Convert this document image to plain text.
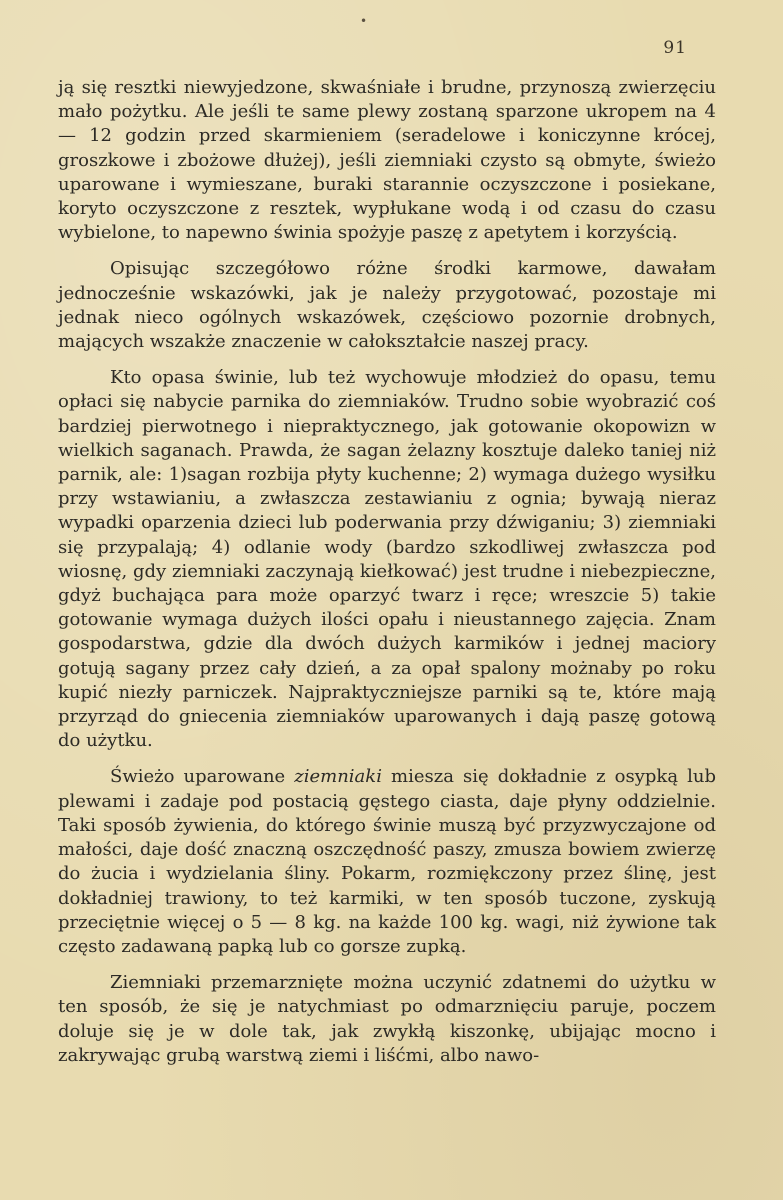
•
91

ją się resztki niewyjedzone, skwaśniałe i brudne, przynoszą zwierzęciu mało pożytku. Ale jeśli te same plewy zostaną sparzone ukropem na 4 — 12 godzin przed skarmieniem (seradelowe i koniczynne krócej, groszkowe i zbożowe dłużej), jeśli ziemniaki czysto są obmyte, świeżo uparowane i wymieszane, buraki starannie oczyszczone i posiekane, koryto oczyszczone z resztek, wypłukane wodą i od czasu do czasu wybielone, to napewno świnia spożyje paszę z apetytem i korzyścią.

Opisując szczegółowo różne środki karmowe, dawałam jednocześnie wskazówki, jak je należy przygotować, pozostaje mi jednak nieco ogólnych wskazówek, częściowo pozornie drobnych, mających wszakże znaczenie w całokształcie naszej pracy.

Kto opasa świnie, lub też wychowuje młodzież do opasu, temu opłaci się nabycie parnika do ziemniaków. Trudno sobie wyobrazić coś bardziej pierwotnego i niepraktycznego, jak gotowanie okopowizn w wielkich saganach. Prawda, że sagan żelazny kosztuje daleko taniej niż parnik, ale: 1)sagan rozbija płyty kuchenne; 2) wymaga dużego wysiłku przy wstawianiu, a zwłaszcza zestawianiu z ognia; bywają nieraz wypadki oparzenia dzieci lub poderwania przy dźwiganiu; 3) ziemniaki się przypalają; 4) odlanie wody (bardzo szkodliwej zwłaszcza pod wiosnę, gdy ziemniaki zaczynają kiełkować) jest trudne i niebezpieczne, gdyż buchająca para może oparzyć twarz i ręce; wreszcie 5) takie gotowanie wymaga dużych ilości opału i nieustannego zajęcia. Znam gospodarstwa, gdzie dla dwóch dużych karmików i jednej maciory gotują sagany przez cały dzień, a za opał spalony możnaby po roku kupić niezły parniczek. Najpraktyczniejsze parniki są te, które mają przyrząd do gniecenia ziemniaków uparowanych i dają paszę gotową do użytku.

Świeżo uparowane ziemniaki miesza się dokładnie z osypką lub plewami i zadaje pod postacią gęstego ciasta, daje płyny oddzielnie. Taki sposób żywienia, do którego świnie muszą być przyzwyczajone od małości, daje dość znaczną oszczędność paszy, zmusza bowiem zwierzę do żucia i wydzielania śliny. Pokarm, rozmiękczony przez ślinę, jest dokładniej trawiony, to też karmiki, w ten sposób tuczone, zyskują przeciętnie więcej o 5 — 8 kg. na każde 100 kg. wagi, niż żywione tak często zadawaną papką lub co gorsze zupką.

Ziemniaki przemarznięte można uczynić zdatnemi do użytku w ten sposób, że się je natychmiast po odmarznięciu paruje, poczem doluje się je w dole tak, jak zwykłą kiszonkę, ubijając mocno i zakrywając grubą warstwą ziemi i liśćmi, albo nawo-
